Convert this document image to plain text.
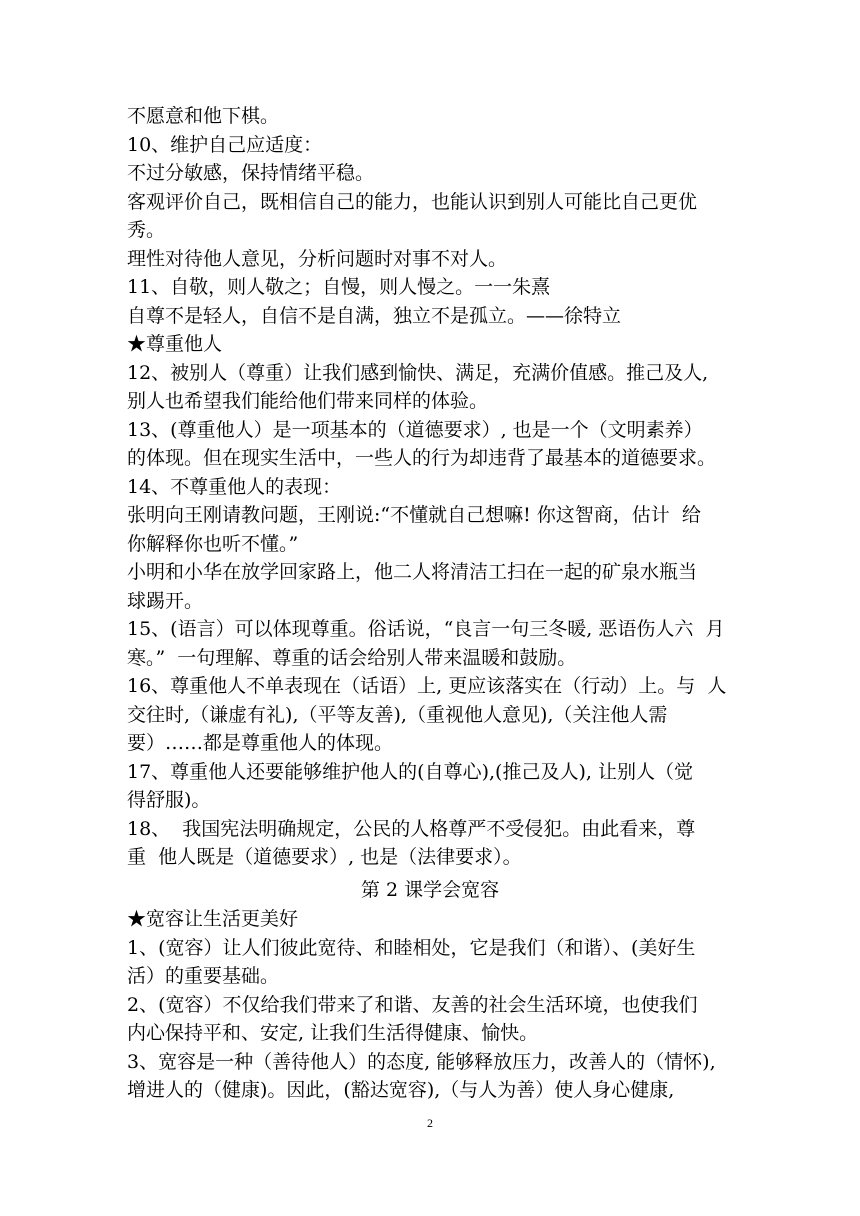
不愿意和他下棋。

10、维护自己应适度：

不过分敏感，保持情绪平稳。

客观评价自己，既相信自己的能力，也能认识到别人可能比自己更优

秀。

理性对待他人意见，分析问题时对事不对人。

11、自敬，则人敬之；自慢，则人慢之。一一朱熹

自尊不是轻人，自信不是自满，独立不是孤立。——徐特立

★尊重他人

12、被别人（尊重）让我们感到愉快、满足，充满价值感。推己及人,

别人也希望我们能给他们带来同样的体验。

13、(尊重他人）是一项基本的（道德要求）, 也是一个（文明素养）

的体现。但在现实生活中，一些人的行为却违背了最基本的道德要求。

14、不尊重他人的表现：

张明向王刚请教问题，王刚说:“不懂就自己想嘛! 你这智商，估计  给

你解释你也听不懂。”

小明和小华在放学回家路上，他二人将清洁工扫在一起的矿泉水瓶当

球踢开。

15、(语言）可以体现尊重。俗话说，“良言一句三冬暖, 恶语伤人六  月

寒。”  一句理解、尊重的话会给别人带来温暖和鼓励。

16、尊重他人不单表现在（话语）上, 更应该落实在（行动）上。与  人

交往时,（谦虚有礼),（平等友善),（重视他人意见),（关注他人需

要）……都是尊重他人的体现。

17、尊重他人还要能够维护他人的(自尊心),(推己及人), 让别人（觉

得舒服)。

18、  我国宪法明确规定，公民的人格尊严不受侵犯。由此看来，尊

重  他人既是（道德要求）, 也是（法律要求）。

第 2 课学会宽容

★宽容让生活更美好

1、(宽容）让人们彼此宽待、和睦相处，它是我们（和谐）、(美好生

活）的重要基础。

2、(宽容）不仅给我们带来了和谐、友善的社会生活环境，也使我们

内心保持平和、安定, 让我们生活得健康、愉快。

3、宽容是一种（善待他人）的态度, 能够释放压力，改善人的（情怀),

增进人的（健康)。因此，(豁达宽容),（与人为善）使人身心健康,

2
